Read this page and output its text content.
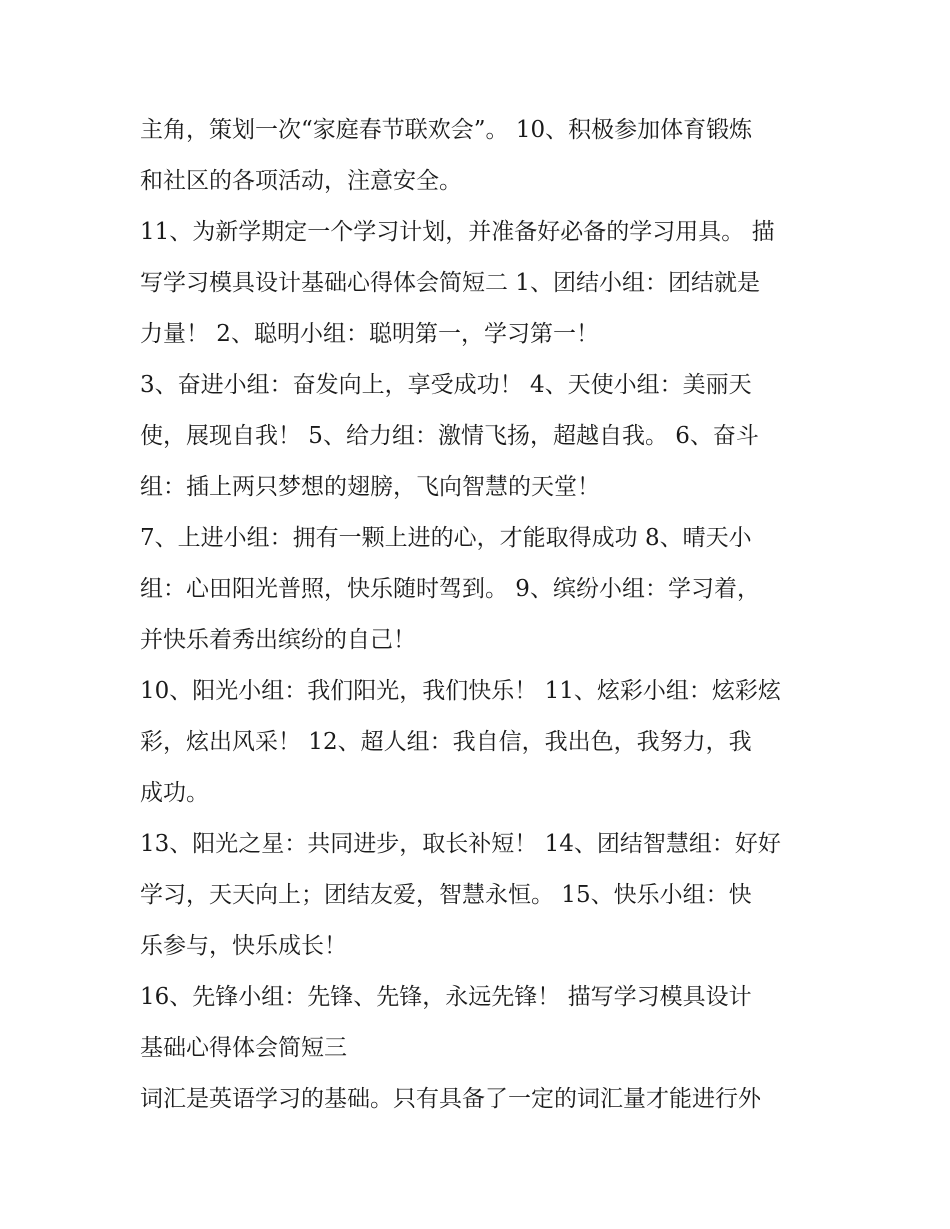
主角，策划一次“家庭春节联欢会”。 10、积极参加体育锻炼
和社区的各项活动，注意安全。

11、为新学期定一个学习计划，并准备好必备的学习用具。 描
写学习模具设计基础心得体会简短二 1、团结小组：团结就是
力量！ 2、聪明小组：聪明第一，学习第一！

3、奋进小组：奋发向上，享受成功！ 4、天使小组：美丽天
使，展现自我！ 5、给力组：激情飞扬，超越自我。 6、奋斗
组：插上两只梦想的翅膀，飞向智慧的天堂！

7、上进小组：拥有一颗上进的心，才能取得成功 8、晴天小
组：心田阳光普照，快乐随时驾到。 9、缤纷小组：学习着，
并快乐着秀出缤纷的自己！

10、阳光小组：我们阳光，我们快乐！ 11、炫彩小组：炫彩炫
彩，炫出风采！ 12、超人组：我自信，我出色，我努力，我
成功。

13、阳光之星：共同进步，取长补短！ 14、团结智慧组：好好
学习，天天向上；团结友爱，智慧永恒。 15、快乐小组：快
乐参与，快乐成长！

16、先锋小组：先锋、先锋，永远先锋！ 描写学习模具设计
基础心得体会简短三

词汇是英语学习的基础。只有具备了一定的词汇量才能进行外
